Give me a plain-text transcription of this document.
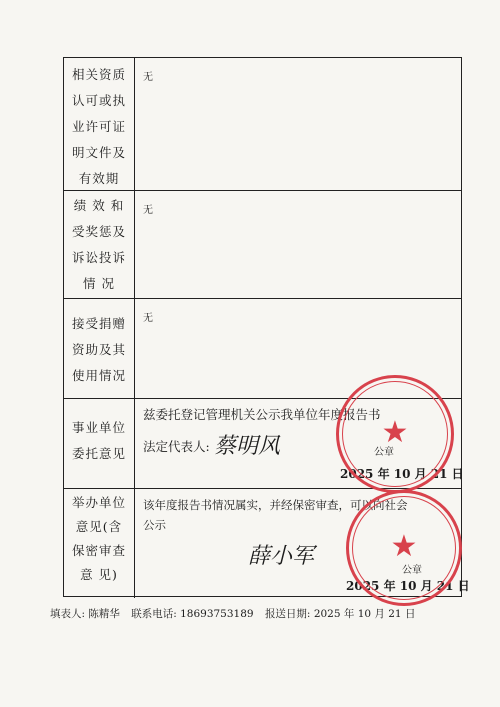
相关资质
认可或执
业许可证
明文件及
有效期
无
绩 效 和
受奖惩及
诉讼投诉
情 况
无
接受捐赠
资助及其
使用情况
无
事业单位
委托意见
兹委托登记管理机关公示我单位年度报告书
法定代表人: 蔡明风	公章
2025 年 10 月 21 日
举办单位
意见(含
保密审查
意 见)
该年度报告书情况属实，并经保密审查，可以向社会
公示
薛小军
公章
2025 年 10 月 21 日
★
★
填表人: 陈精华 联系电话: 18693753189 报送日期: 2025 年 10 月 21 日
